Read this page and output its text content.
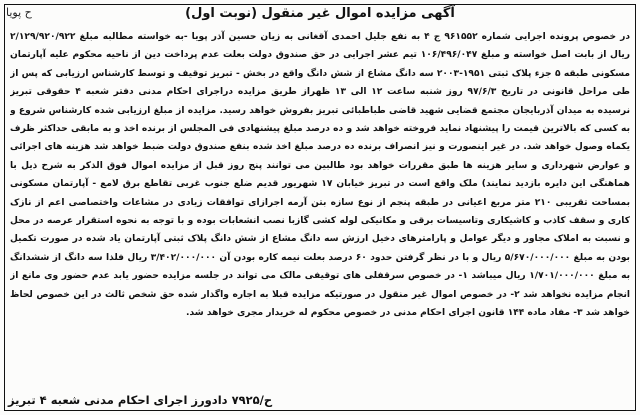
ح پویا	آگهی مزایده اموال غیر منقول (نوبت اول)

در خصوص پرونده اجرایی شماره ۹۶۱۵۵۲ ج ۴ به نفع جلیل احمدی آقغانی به زیان حسین آذر پویا -به خواسته مطالبه مبلغ ۲/۱۲۹/۹۲۰/۹۲۲ ریال از بابت اصل خواسته و مبلغ ۱۰۶/۴۹۶/۰۴۷ تیم عشر اجرایی در حق صندوق دولت بعلت عدم پرداخت دین از ناحیه محکوم علیه آپارتمان مسکونی طبقه ۵ جزء پلاک ثبتی ۱۹۵۱-۲۰۰۳ سه دانگ مشاع از شش دانگ واقع در بخش - تبریز توقیف و توسط کارشناس ارزیابی که پس از طی مراحل قانونی در تاریخ ۹۷/۶/۳ روز شنبه ساعت ۱۲ الی ۱۳ ظهراز طریق مزایده دراجرای احکام مدنی دفتر شعبه ۴ حقوقی تبریز نرسیده به میدان آذربایجان مجتمع قضایی شهید قاضی طباطبائی تبریز بفروش خواهد رسید. مزایده از مبلغ ارزیابی شده کارشناس شروع و به کسی که بالاترین قیمت را پیشنهاد نماید فروخته خواهد شد و ده درصد مبلغ پیشنهادی فی المجلس از برنده اخذ و به مابقی حداکثر ظرف یکماه وصول خواهد شد. در غیر اینصورت و نیز انصراف برنده ده درصد مبلغ اخذ شده بنفع صندوق دولت ضبط خواهد شد هزینه های اجرائی و عوارض شهرداری و سایر هزینه ها طبق مقررات خواهد بود طالبین می توانند پنج روز قبل از مزایده اموال فوق الذکر به شرح ذیل با هماهنگی این دایره بازدید نمایند) ملک واقع است در تبریز خیابان ۱۷ شهریور قدیم ضلع جنوب غربی تقاطع برق لامع - آپارتمان مسکونی بمساحت تقریبی ۲۱۰ متر مربع اعیانی در طبقه پنجم از نوع سازه بتن آرمه اجرازای توافقات زیادی در مشاعات واختصاصی اعم از نازک کاری و سقف کاذب و کاشیکاری وتاسیسات برقی و مکانیکی لوله کشی گازبا نصب انشعابات بوده و با توجه به نحوه استقرار عرصه در محل و نسبت به املاک مجاور و دیگر عوامل و پارامترهای دخیل ارزش سه دانگ مشاع از شش دانگ پلاک ثبتی آپارتمان یاد شده در صورت تکمیل بودن به مبلغ ۵/۶۷۰/۰۰۰/۰۰۰ ریال و با در نظر گرفتن حدود ۶۰ درصد بعلت نیمه کاره بودن آن ۳/۴۰۲/۰۰۰/۰۰۰ ریال فلذا سه دانگ از ششدانگ به مبلغ ۱/۷۰۱/۰۰۰/۰۰۰ ریال میباشد ۱- در خصوص سرقفلی های توقیفی مالک می تواند در جلسه مزایده حضور یابد عدم حضور وی مانع از انجام مزایده نخواهد شد ۲- در خصوص اموال غیر منقول در صورتیکه مزایده قبلا به اجاره واگذار شده حق شخص ثالث در این خصوص لحاظ خواهد شد ۳- مفاد ماده ۱۴۴ قانون اجرای احکام مدنی در خصوص محکوم له خریدار مجری خواهد شد.

ح/۷۹۲۵ دادورز اجرای احکام مدنی شعبه ۴ تبریز
